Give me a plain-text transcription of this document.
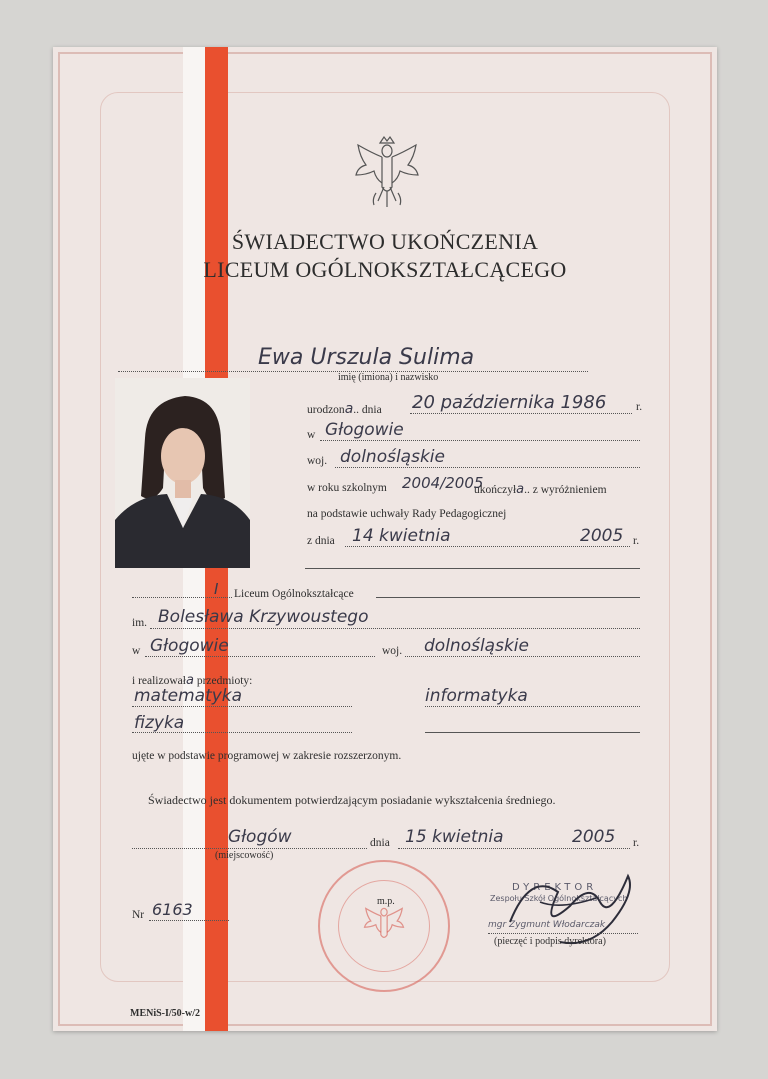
ŚWIADECTWO UKOŃCZENIA
LICEUM OGÓLNOKSZTAŁCĄCEGO
Ewa Urszula Sulima
imię (imiona) i nazwisko
urodzona.. dnia 20 października 1986	r.
w Głogowie
woj. dolnośląskie
w roku szkolnym 2004/2005
ukończyła.. z wyróżnieniem
na podstawie uchwały Rady Pedagogicznej
z dnia 14 kwietnia	2005 r.
I Liceum Ogólnokształcące
im. Bolesława Krzywoustego
w Głogowie	woj. dolnośląskie
i realizowała przedmioty:
matematyka	informatyka
fizyka
ujęte w podstawie programowej w zakresie rozszerzonym.
Świadectwo jest dokumentem potwierdzającym posiadanie wykształcenia średniego.
Głogów
(miejscowość)
dnia 15 kwietnia	2005 r.
m.p.
Nr 6163
DYREKTOR
Zespołu Szkół Ogólnokształcących
mgr Zygmunt Włodarczak
(pieczęć i podpis dyrektora)
MENiS-I/50-w/2
